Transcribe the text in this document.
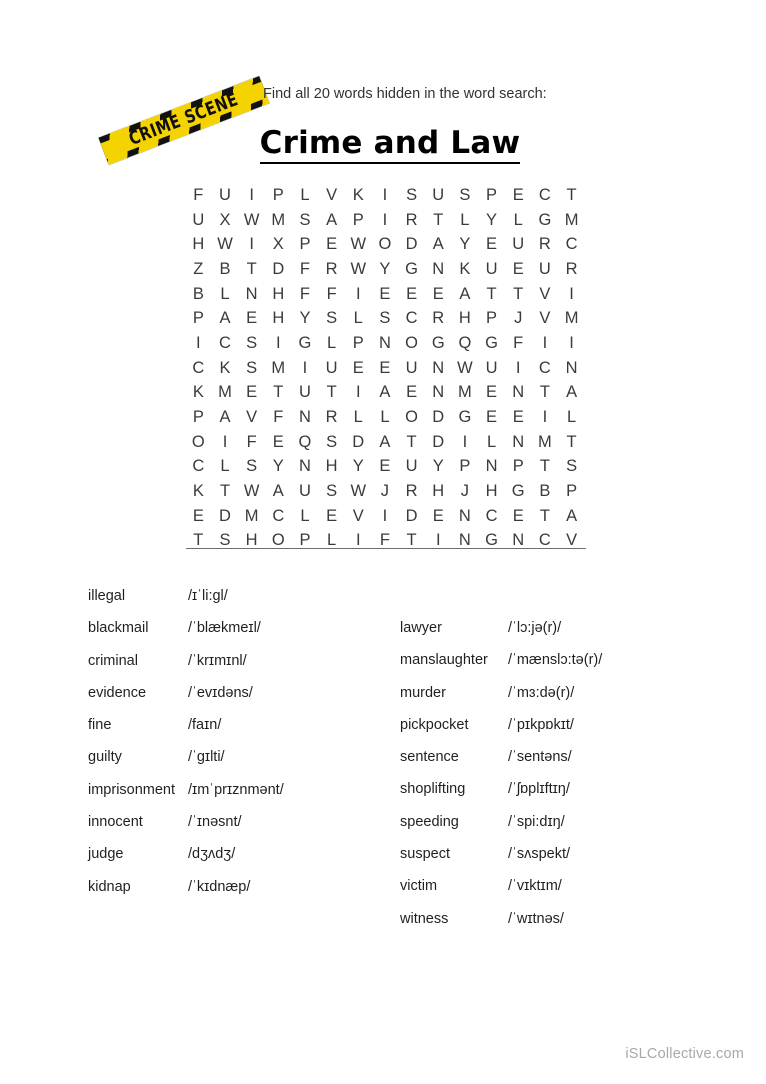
CRIME SCENE	Find all 20 words hidden in the word search:
Crime and Law
F	U	I	P	L	V	K	I	S	U	S	P	E	C	T
U	X	W	M	S	A	P	I	R	T	L	Y	L	G	M
H	W	I	X	P	E	W	O	D	A	Y	E	U	R	C
Z	B	T	D	F	R	W	Y	G	N	K	U	E	U	R
B	L	N	H	F	F	I	E	E	E	A	T	T	V	I
P	A	E	H	Y	S	L	S	C	R	H	P	J	V	M
I	C	S	I	G	L	P	N	O	G	Q	G	F	I	I
C	K	S	M	I	U	E	E	U	N	W	U	I	C	N
K	M	E	T	U	T	I	A	E	N	M	E	N	T	A
P	A	V	F	N	R	L	L	O	D	G	E	E	I	L
O	I	F	E	Q	S	D	A	T	D	I	L	N	M	T
C	L	S	Y	N	H	Y	E	U	Y	P	N	P	T	S
K	T	W	A	U	S	W	J	R	H	J	H	G	B	P
E	D	M	C	L	E	V	I	D	E	N	C	E	T	A
T	S	H	O	P	L	I	F	T	I	N	G	N	C	V
illegal	/ɪˈli:gl/
blackmail	/ˈblækmeɪl/
criminal	/ˈkrɪmɪnl/
evidence	/ˈevɪdəns/
fine	/faɪn/
guilty	/ˈgɪlti/
imprisonment /ɪmˈprɪznmənt/
innocent	/ˈɪnəsnt/
judge	/dʒʌdʒ/
kidnap	/ˈkɪdnæp/
lawyer	/ˈlɔ:jə(r)/
manslaughter /ˈmænslɔ:tə(r)/
murder	/ˈmɜ:də(r)/
pickpocket	/ˈpɪkpɒkɪt/
sentence	/ˈsentəns/
shoplifting	/ˈʃɒplɪftɪŋ/
speeding	/ˈspi:dɪŋ/
suspect	/ˈsʌspekt/
victim	/ˈvɪktɪm/
witness	/ˈwɪtnəs/
iSLCollective.com
